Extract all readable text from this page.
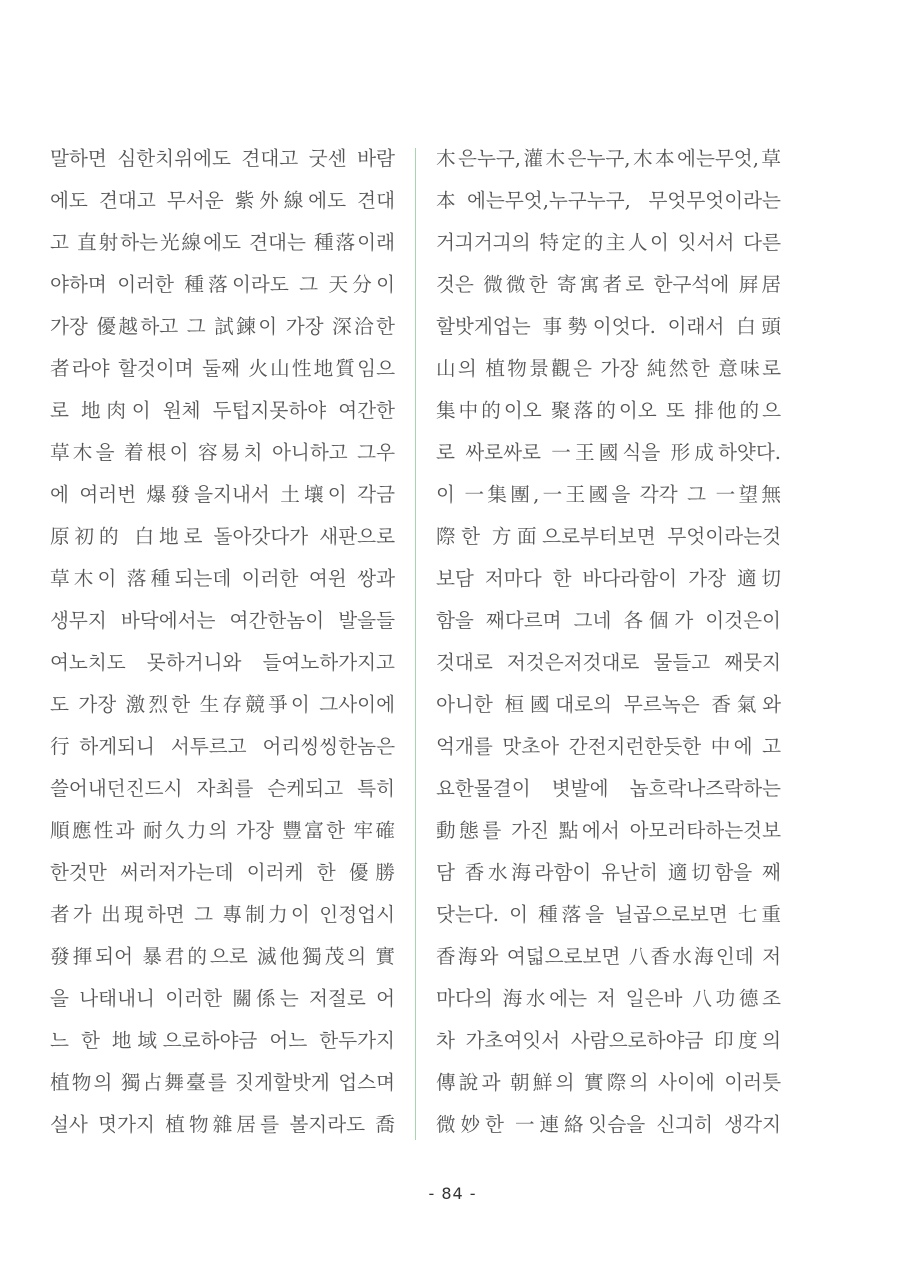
말하면 심한치위에도 견대고 굿센 바람
에도 견대고 무서운 紫外線에도 견대
고 直射하는光線에도 견대는 種落이래
야하며 이러한 種落이라도 그 天分이
가장 優越하고 그 試鍊이 가장 深洽한
者라야 할것이며 둘째 火山性地質임으
로 地肉이 원체 두텁지못하야 여간한
草木을 着根이 容易치 아니하고 그우
에 여러번 爆發을지내서 土壤이 각금
原初的 白地로 돌아갓다가 새판으로
草木이 落種되는데 이러한 여윈 쌍과
생무지 바닥에서는 여간한놈이 발을들
여노치도 못하거니와 들여노하가지고
도 가장 激烈한 生存競爭이 그사이에
行하게되니 서투르고 어리씽씽한놈은
쓸어내던진드시 자최를 슨케되고 특히
順應性과 耐久力의 가장 豐富한 牢確
한것만 써러저가는데 이러케 한 優勝
者가 出現하면 그 專制力이 인정업시
發揮되어 暴君的으로 滅他獨茂의 實
을 나태내니 이러한 關係는 저절로 어
느 한 地域으로하야금 어느 한두가지
植物의 獨占舞臺를 짓게할밧게 업스며
설사 몃가지 植物雜居를 볼지라도 喬
木은누구,灌木은누구,木本에는무엇,草
本에는무엇,누구누구, 무엇무엇이라는
거긔거긔의 特定的主人이 잇서서 다른
것은 微微한 寄寓者로 한구석에 屛居
할밧게업는 事勢이엇다. 이래서 白頭
山의 植物景觀은 가장 純然한 意味로
集中的이오 聚落的이오 또 排他的으
로 싸로싸로 一王國식을 形成하얏다.
이 一集團,一王國을 각각 그 一望無
際한 方面으로부터보면 무엇이라는것
보담 저마다 한 바다라함이 가장 適切
함을 째다르며 그네 各個가 이것은이
것대로 저것은저것대로 물들고 째뭇지
아니한 桓國대로의 무르녹은 香氣와
억개를 맛초아 간전지런한듯한 中에 고
요한물결이 볏발에 놉흐락나즈락하는
動態를 가진 點에서 아모러타하는것보
담 香水海라함이 유난히 適切함을 째
닷는다. 이 種落을 닐곱으로보면 七重
香海와 여덟으로보면 八香水海인데 저
마다의 海水에는 저 일은바 八功德조
차 가초여잇서 사람으로하야금 印度의
傳說과 朝鮮의 實際의 사이에 이러틋
微妙한 一連絡잇슴을 신긔히 생각지
- 84 -
